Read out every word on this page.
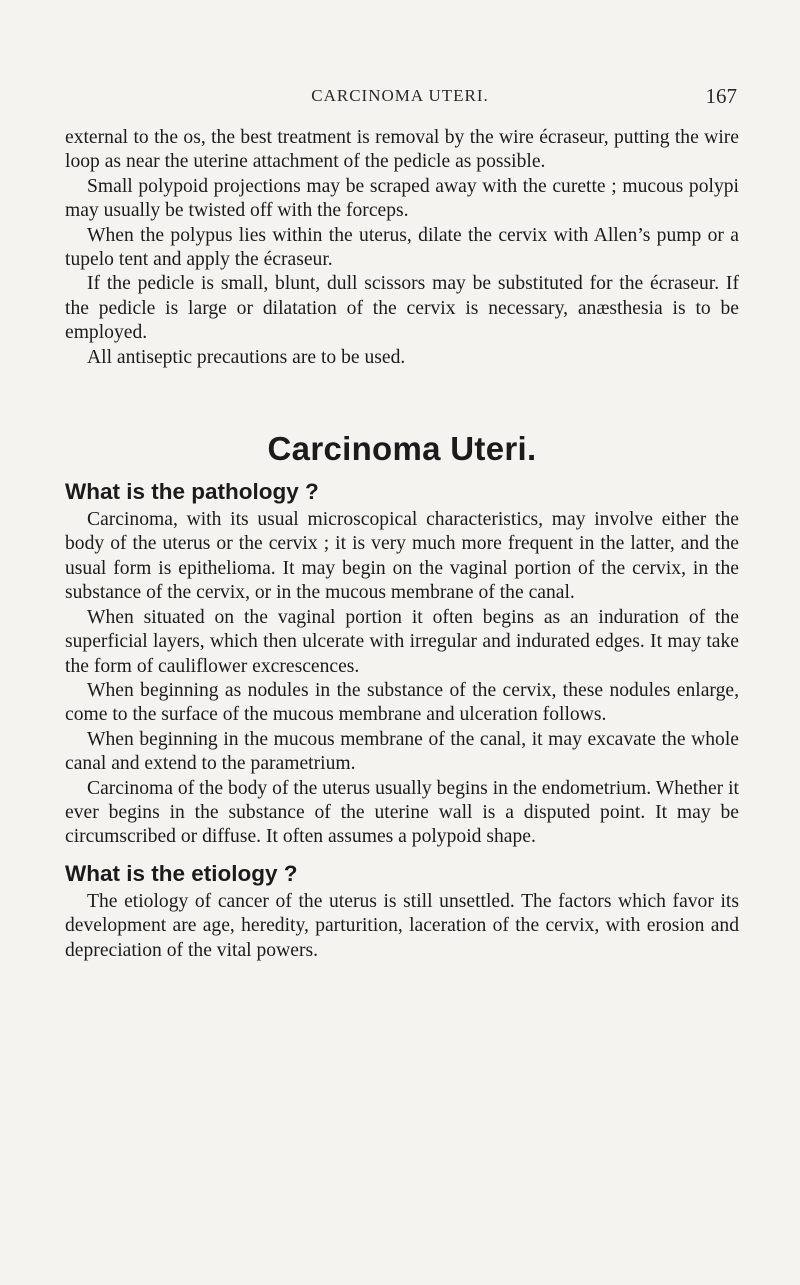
CARCINOMA UTERI.	167

external to the os, the best treatment is removal by the wire écraseur, putting the wire loop as near the uterine attachment of the pedicle as possible.

Small polypoid projections may be scraped away with the curette ; mucous polypi may usually be twisted off with the forceps.

When the polypus lies within the uterus, dilate the cervix with Allen’s pump or a tupelo tent and apply the écraseur.

If the pedicle is small, blunt, dull scissors may be substituted for the écraseur. If the pedicle is large or dilatation of the cervix is necessary, anæsthesia is to be employed.

All antiseptic precautions are to be used.

Carcinoma Uteri.
What is the pathology ?

Carcinoma, with its usual microscopical characteristics, may involve either the body of the uterus or the cervix ; it is very much more frequent in the latter, and the usual form is epithelioma. It may begin on the vaginal portion of the cervix, in the substance of the cervix, or in the mucous membrane of the canal.

When situated on the vaginal portion it often begins as an induration of the superficial layers, which then ulcerate with irregular and indurated edges. It may take the form of cauliflower excrescences.

When beginning as nodules in the substance of the cervix, these nodules enlarge, come to the surface of the mucous membrane and ulceration follows.

When beginning in the mucous membrane of the canal, it may excavate the whole canal and extend to the parametrium.

Carcinoma of the body of the uterus usually begins in the endometrium. Whether it ever begins in the substance of the uterine wall is a disputed point. It may be circumscribed or diffuse. It often assumes a polypoid shape.

What is the etiology ?

The etiology of cancer of the uterus is still unsettled. The factors which favor its development are age, heredity, parturition, laceration of the cervix, with erosion and depreciation of the vital powers.
